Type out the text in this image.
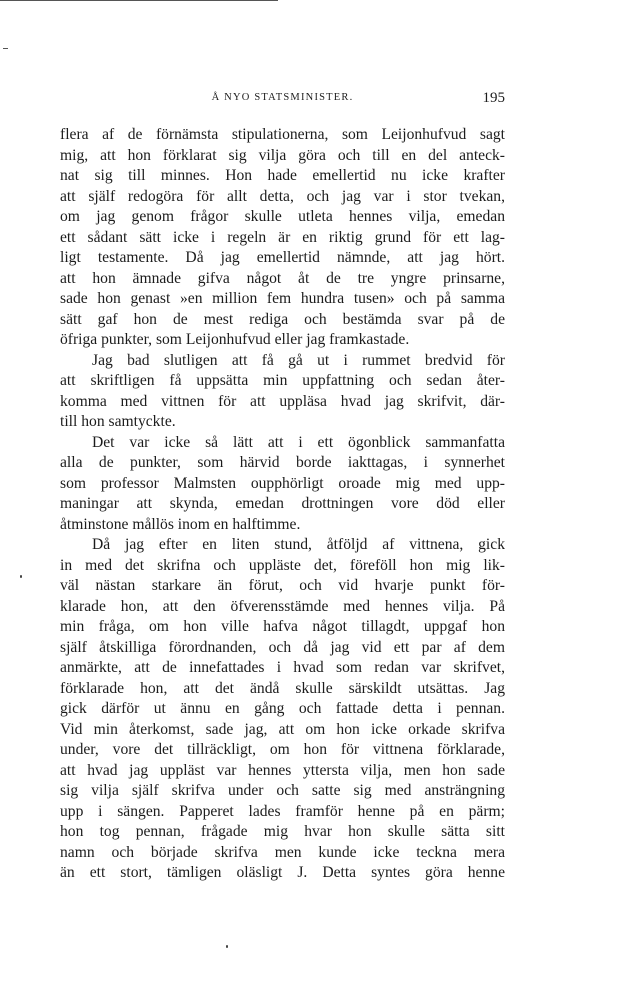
Å NYO STATSMINISTER.	195
flera af de förnämsta stipulationerna, som Leijonhufvud sagt
mig, att hon förklarat sig vilja göra och till en del anteck-
nat sig till minnes. Hon hade emellertid nu icke krafter
att själf redogöra för allt detta, och jag var i stor tvekan,
om jag genom frågor skulle utleta hennes vilja, emedan
ett sådant sätt icke i regeln är en riktig grund för ett lag-
ligt testamente. Då jag emellertid nämnde, att jag hört.
att hon ämnade gifva något åt de tre yngre prinsarne,
sade hon genast »en million fem hundra tusen» och på samma
sätt gaf hon de mest rediga och bestämda svar på de
öfriga punkter, som Leijonhufvud eller jag framkastade.
Jag bad slutligen att få gå ut i rummet bredvid för
att skriftligen få uppsätta min uppfattning och sedan åter-
komma med vittnen för att uppläsa hvad jag skrifvit, där-
till hon samtyckte.
Det var icke så lätt att i ett ögonblick sammanfatta
alla de punkter, som härvid borde iakttagas, i synnerhet
som professor Malmsten oupphörligt oroade mig med upp-
maningar att skynda, emedan drottningen vore död eller
åtminstone mållös inom en halftimme.
Då jag efter en liten stund, åtföljd af vittnena, gick
in med det skrifna och uppläste det, föreföll hon mig lik-
väl nästan starkare än förut, och vid hvarje punkt för-
klarade hon, att den öfverensstämde med hennes vilja. På
min fråga, om hon ville hafva något tillagdt, uppgaf hon
själf åtskilliga förordnanden, och då jag vid ett par af dem
anmärkte, att de innefattades i hvad som redan var skrifvet,
förklarade hon, att det ändå skulle särskildt utsättas. Jag
gick därför ut ännu en gång och fattade detta i pennan.
Vid min återkomst, sade jag, att om hon icke orkade skrifva
under, vore det tillräckligt, om hon för vittnena förklarade,
att hvad jag uppläst var hennes yttersta vilja, men hon sade
sig vilja själf skrifva under och satte sig med ansträngning
upp i sängen. Papperet lades framför henne på en pärm;
hon tog pennan, frågade mig hvar hon skulle sätta sitt
namn och började skrifva men kunde icke teckna mera
än ett stort, tämligen oläsligt J. Detta syntes göra henne
